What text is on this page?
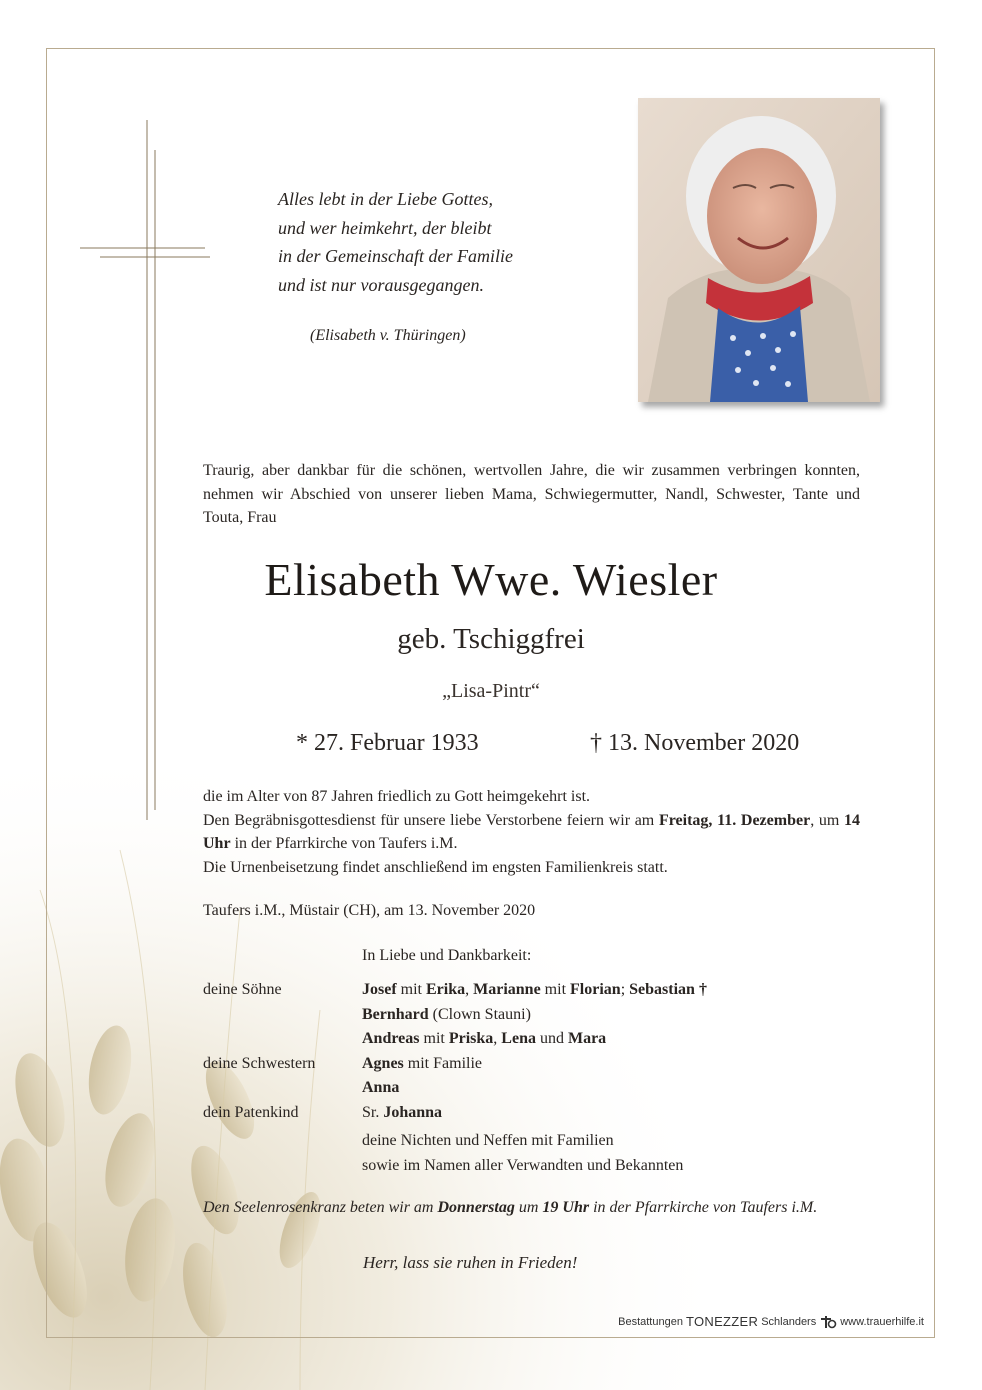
Alles lebt in der Liebe Gottes,
und wer heimkehrt, der bleibt
in der Gemeinschaft der Familie
und ist nur vorausgegangen.
(Elisabeth v. Thüringen)
Traurig, aber dankbar für die schönen, wertvollen Jahre, die wir zusammen verbringen konnten, nehmen wir Abschied von unserer lieben Mama, Schwiegermutter, Nandl, Schwester, Tante und Touta, Frau
Elisabeth Wwe. Wiesler
geb. Tschiggfrei
„Lisa-Pintr“
* 27. Februar 1933	† 13. November 2020
die im Alter von 87 Jahren friedlich zu Gott heimgekehrt ist.
Den Begräbnisgottesdienst für unsere liebe Verstorbene feiern wir am Freitag, 11. Dezember, um 14 Uhr in der Pfarrkirche von Taufers i.M.
Die Urnenbeisetzung findet anschließend im engsten Familienkreis statt.
Taufers i.M., Müstair (CH), am 13. November 2020
In Liebe und Dankbarkeit:
deine Söhne	Josef mit Erika, Marianne mit Florian; Sebastian †
Bernhard (Clown Stauni)
Andreas mit Priska, Lena und Mara
deine Schwestern	Agnes mit Familie
Anna
dein Patenkind	Sr. Johanna
deine Nichten und Neffen mit Familien
sowie im Namen aller Verwandten und Bekannten
Den Seelenrosenkranz beten wir am Donnerstag um 19 Uhr in der Pfarrkirche von Taufers i.M.
Herr, lass sie ruhen in Frieden!
Bestattungen TONEZZER Schlanders www.trauerhilfe.it
